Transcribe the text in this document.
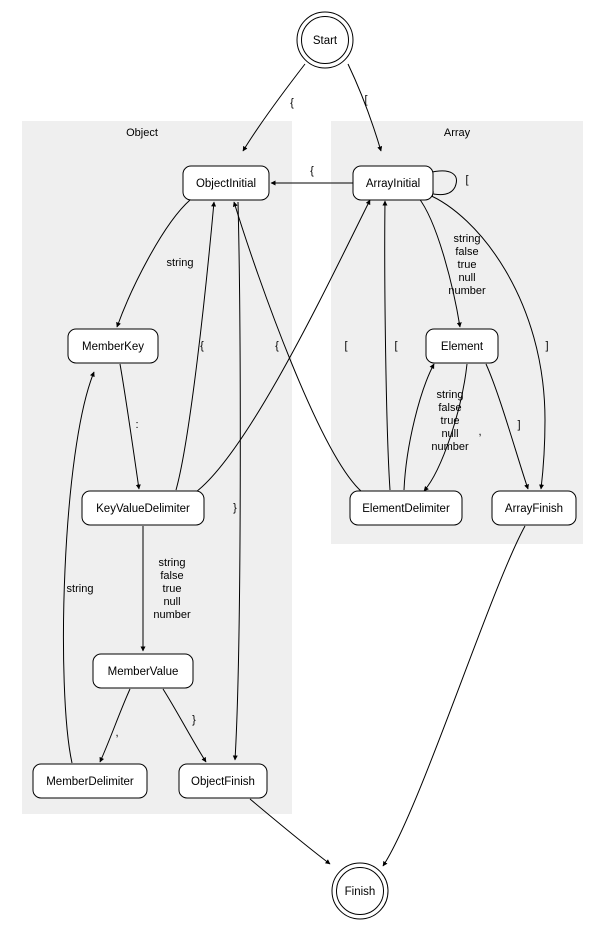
Object	Array
{	[
{
[
string
:
string false true null number
{	[
,
}
string
}
string false true null number
,
string false true null number
]
[
{	]
Start
ObjectInitial	ArrayInitial
MemberKey	Element
KeyValueDelimiter	ElementDelimiter	ArrayFinish
MemberValue
MemberDelimiter	ObjectFinish
Finish
